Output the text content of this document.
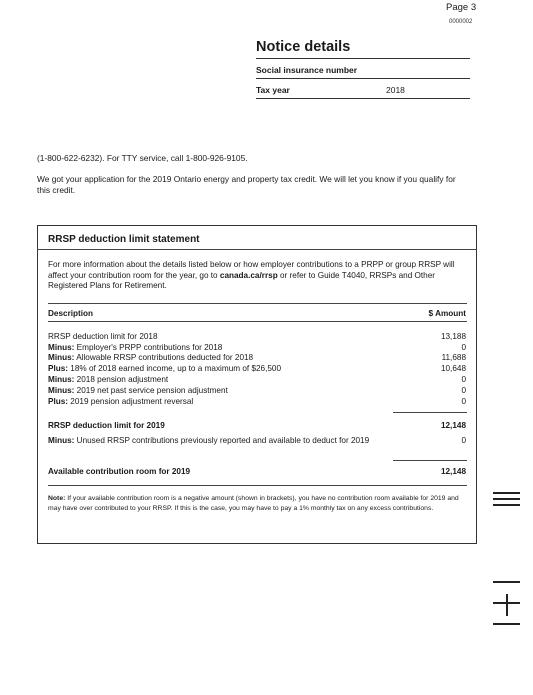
Page 3
0000002
Notice details
Social insurance number
Tax year	2018
(1-800-622-6232). For TTY service, call 1-800-926-9105.
We got your application for the 2019 Ontario energy and property tax credit. We will let you know if you qualify for this credit.
RRSP deduction limit statement
For more information about the details listed below or how employer contributions to a PRPP or group RRSP will affect your contribution room for the year, go to canada.ca/rrsp or refer to Guide T4040, RRSPs and Other Registered Plans for Retirement.
Description	$ Amount
RRSP deduction limit for 2018	13,188
Minus: Employer's PRPP contributions for 2018	0
Minus: Allowable RRSP contributions deducted for 2018	11,688
Plus: 18% of 2018 earned income, up to a maximum of $26,500	10,648
Minus: 2018 pension adjustment	0
Minus: 2019 net past service pension adjustment	0
Plus: 2019 pension adjustment reversal	0
RRSP deduction limit for 2019	12,148
Minus: Unused RRSP contributions previously reported and available to deduct for 2019	0
Available contribution room for 2019	12,148
Note: If your available contribution room is a negative amount (shown in brackets), you have no contribution room available for 2019 and may have over contributed to your RRSP. If this is the case, you may have to pay a 1% monthly tax on any excess contributions.
